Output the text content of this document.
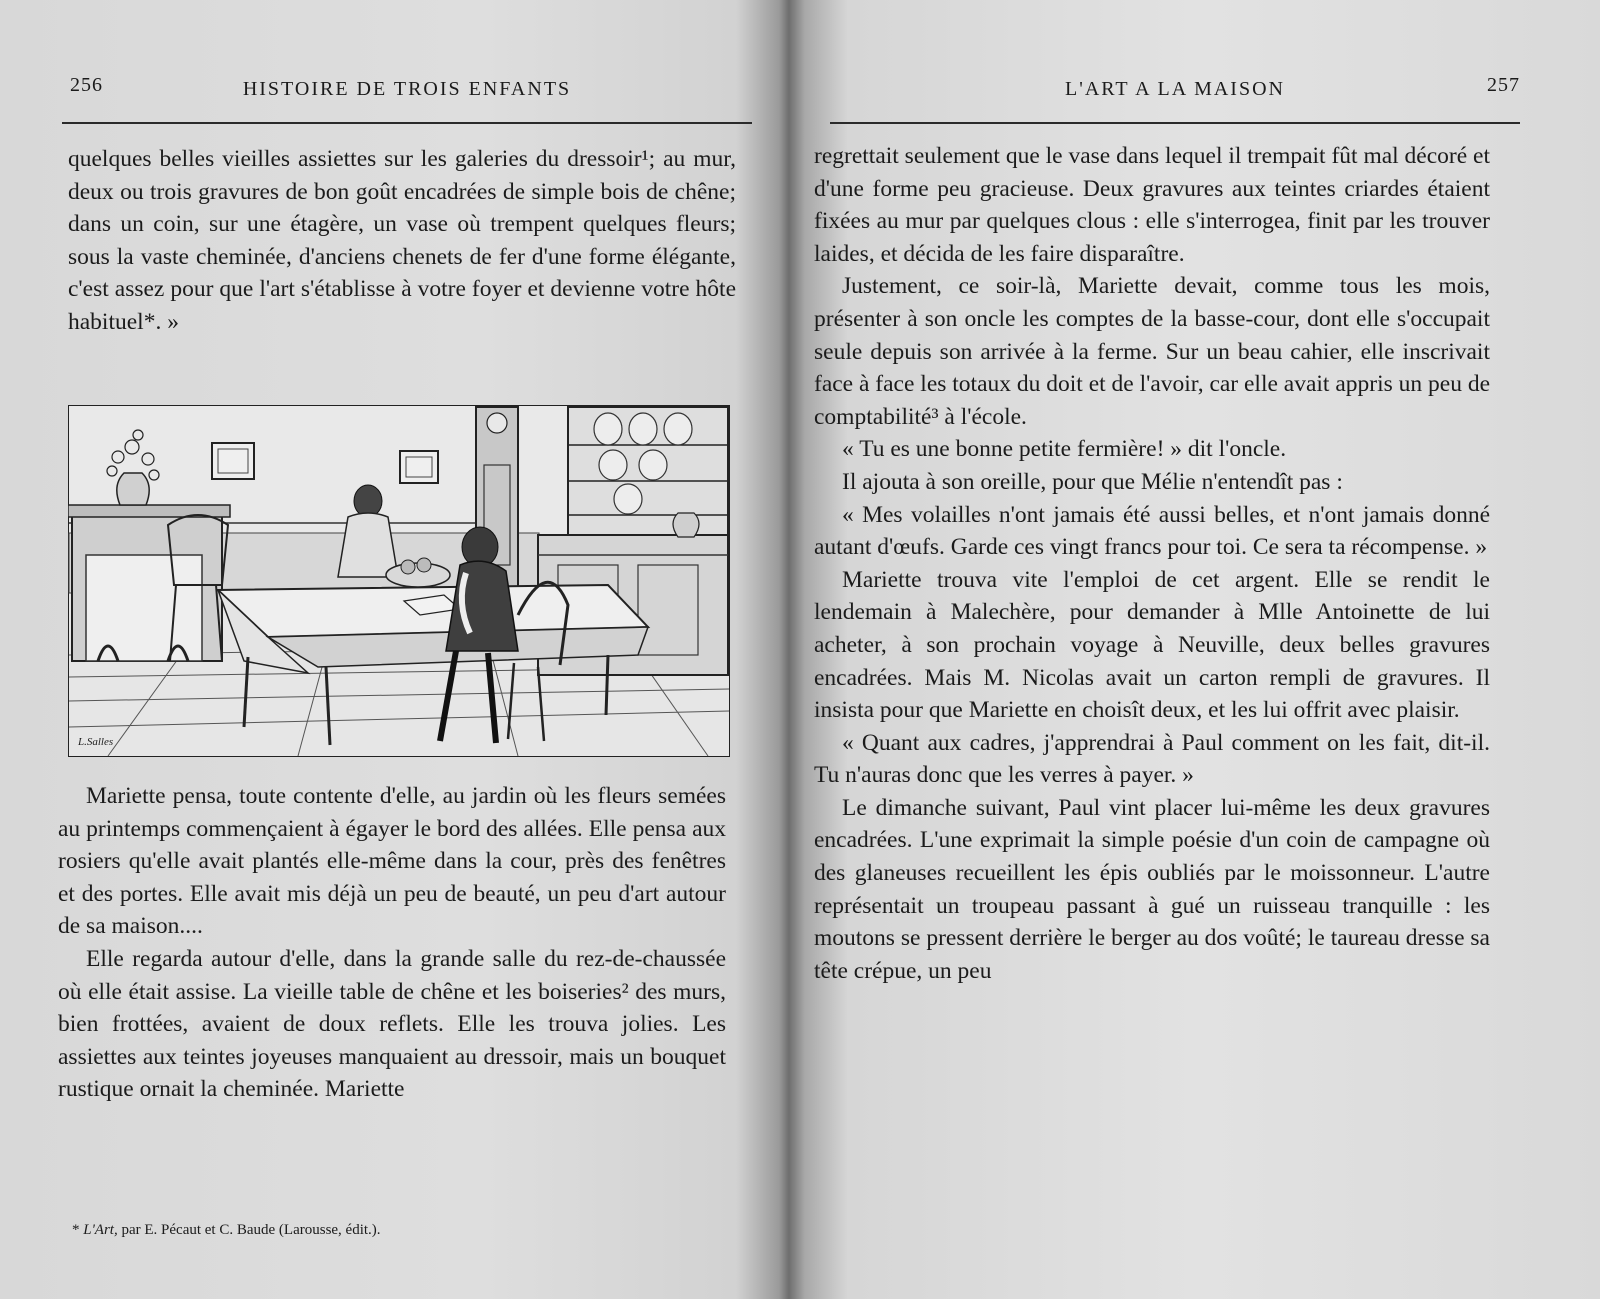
256	HISTOIRE DE TROIS ENFANTS

quelques belles vieilles assiettes sur les galeries du dressoir¹; au mur, deux ou trois gravures de bon goût encadrées de simple bois de chêne; dans un coin, sur une étagère, un vase où trempent quelques fleurs; sous la vaste cheminée, d'anciens chenets de fer d'une forme élégante, c'est assez pour que l'art s'établisse à votre foyer et devienne votre hôte habituel*. »

L.Salles

Mariette pensa, toute contente d'elle, au jardin où les fleurs semées au printemps commençaient à égayer le bord des allées. Elle pensa aux rosiers qu'elle avait plantés elle-même dans la cour, près des fenêtres et des portes. Elle avait mis déjà un peu de beauté, un peu d'art autour de sa maison....

Elle regarda autour d'elle, dans la grande salle du rez-de-chaussée où elle était assise. La vieille table de chêne et les boiseries² des murs, bien frottées, avaient de doux reflets. Elle les trouva jolies. Les assiettes aux teintes joyeuses manquaient au dressoir, mais un bouquet rustique ornait la cheminée. Mariette

* L'Art, par E. Pécaut et C. Baude (Larousse, édit.).
L'ART A LA MAISON	257

regrettait seulement que le vase dans lequel il trempait fût mal décoré et d'une forme peu gracieuse. Deux gravures aux teintes criardes étaient fixées au mur par quelques clous : elle s'interrogea, finit par les trouver laides, et décida de les faire disparaître.

Justement, ce soir-là, Mariette devait, comme tous les mois, présenter à son oncle les comptes de la basse-cour, dont elle s'occupait seule depuis son arrivée à la ferme. Sur un beau cahier, elle inscrivait face à face les totaux du doit et de l'avoir, car elle avait appris un peu de comptabilité³ à l'école.

« Tu es une bonne petite fermière! » dit l'oncle.

Il ajouta à son oreille, pour que Mélie n'entendît pas :

« Mes volailles n'ont jamais été aussi belles, et n'ont jamais donné autant d'œufs. Garde ces vingt francs pour toi. Ce sera ta récompense. »

Mariette trouva vite l'emploi de cet argent. Elle se rendit le lendemain à Malechère, pour demander à Mlle Antoinette de lui acheter, à son prochain voyage à Neuville, deux belles gravures encadrées. Mais M. Nicolas avait un carton rempli de gravures. Il insista pour que Mariette en choisît deux, et les lui offrit avec plaisir.

« Quant aux cadres, j'apprendrai à Paul comment on les fait, dit-il. Tu n'auras donc que les verres à payer. »

Le dimanche suivant, Paul vint placer lui-même les deux gravures encadrées. L'une exprimait la simple poésie d'un coin de campagne où des glaneuses recueillent les épis oubliés par le moissonneur. L'autre représentait un troupeau passant à gué un ruisseau tranquille : les moutons se pressent derrière le berger au dos voûté; le taureau dresse sa tête crépue, un peu
